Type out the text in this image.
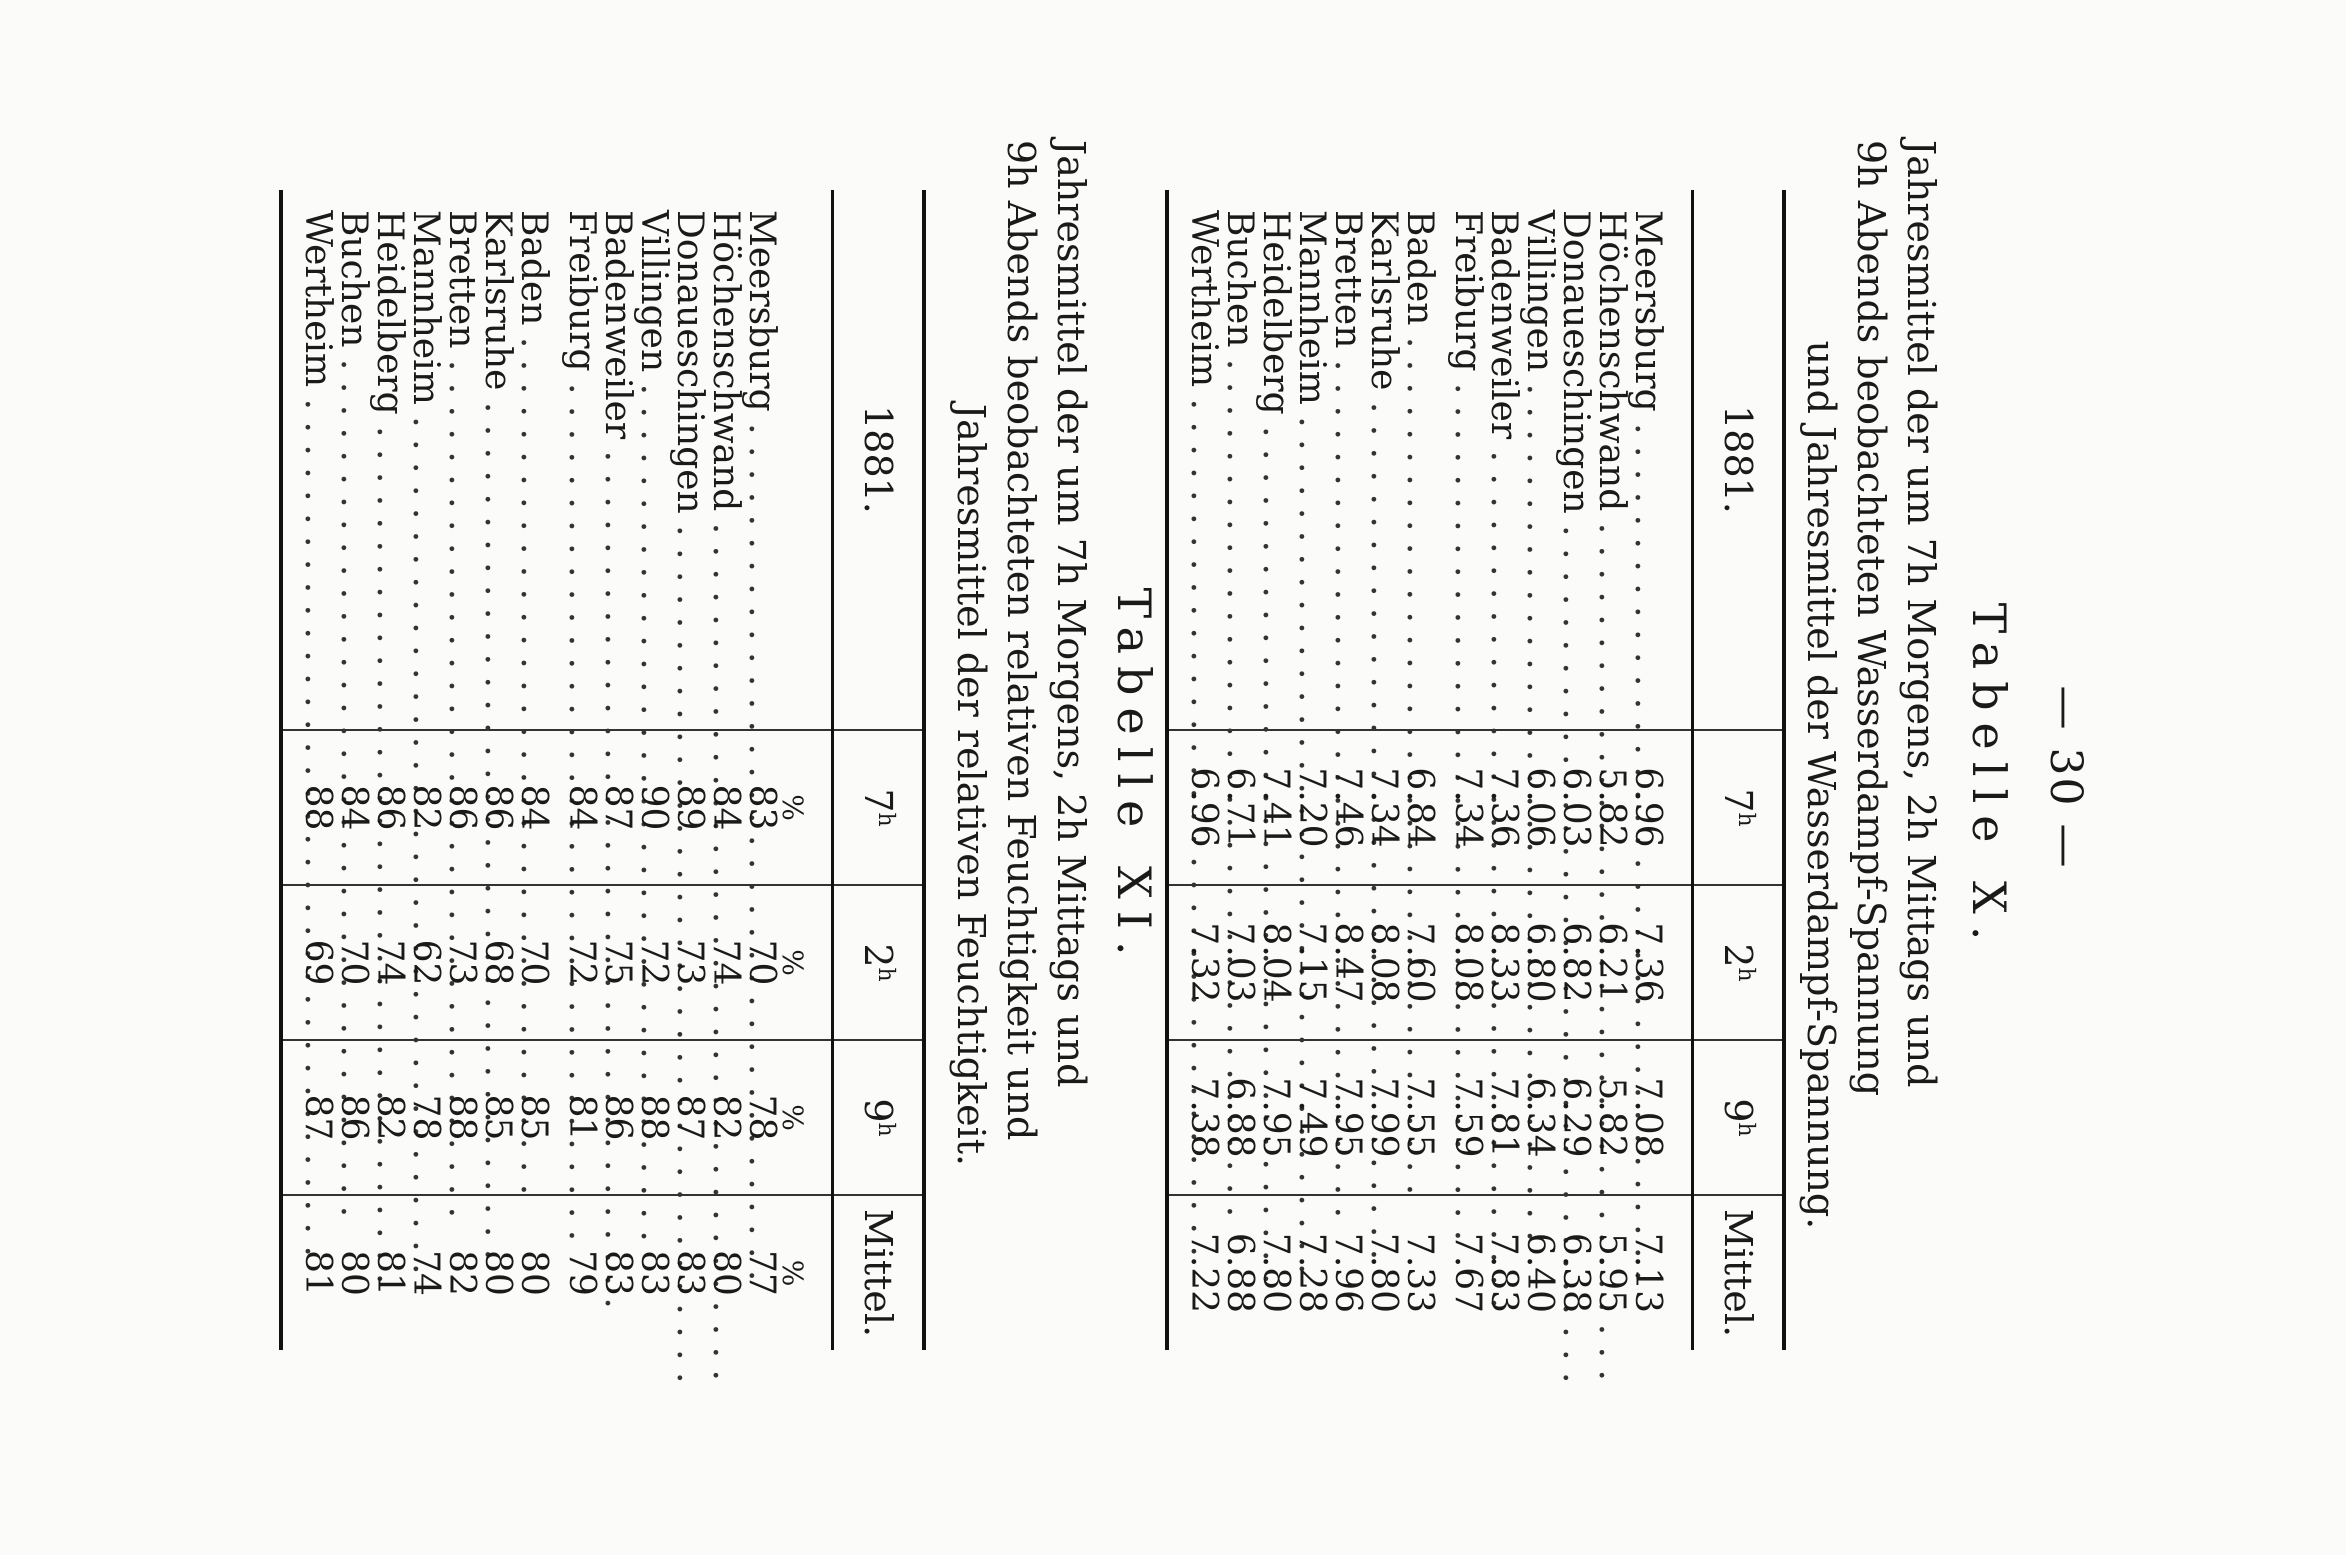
— 30 —
Tabelle X.
Jahresmittel der um 7h Morgens, 2h Mittags und
9h Abends beobachteten Wasserdampf-Spannung
und Jahresmittel der Wasserdampf-Spannung.
1881.	7$^h$	2$^h$	9$^h$	Mittel.
Meersburg . . .	6.96	7.36	7.08	7.13
Höchenschwand . . .	5.82	6.21	5.82	5.95
Donaueschingen . . .	6.03	6.82	6.29	6.38
Villingen . . .	6.06	6.80	6.34	6.40
Badenweiler . . .	7.36	8.33	7.81	7.83
Freiburg . . .	7.34	8.08	7.59	7.67
Baden . . .	6.84	7.60	7.55	7.33
Karlsruhe . . .	7.34	8.08	7.99	7.80
Bretten . . .	7.46	8.47	7.95	7.96
Mannheim . . .	7.20	7.15	7.49	7.28
Heidelberg . . .	7.41	8.04	7.95	7.80
Buchen . . .	6.71	7.03	6.88	6.88
Wertheim . . .	6.96	7.32	7.38	7.22
Tabelle XI.
Jahresmittel der um 7h Morgens, 2h Mittags und
9h Abends beobachteten relativen Feuchtigkeit und
Jahresmittel der relativen Feuchtigkeit.
1881.	7$^h$	2$^h$	9$^h$	Mittel.
	%	%	%	%
Meersburg . . .	83	70	78	77
Höchenschwand . . .	84	74	82	80
Donaueschingen . . .	89	73	87	83
Villingen . . .	90	72	88	83
Badenweiler . . .	87	75	86	83
Freiburg . . .	84	72	81	79
Baden . . .	84	70	85	80
Karlsruhe . . .	86	68	85	80
Bretten . . .	86	73	88	82
Mannheim . . .	82	62	78	74
Heidelberg . . .	86	74	82	81
Buchen . . .	84	70	86	80
Wertheim . . .	88	69	87	81
